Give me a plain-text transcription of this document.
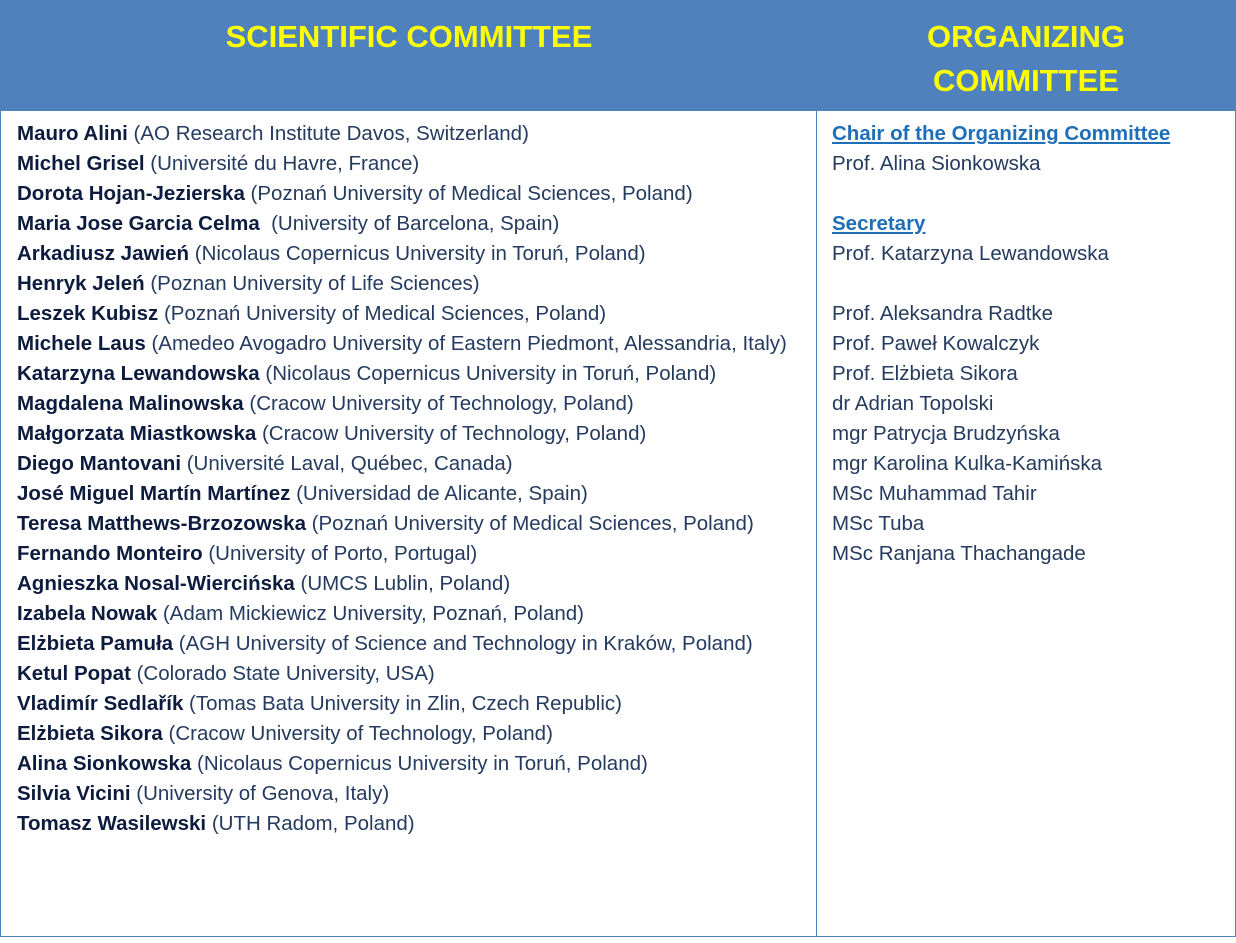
SCIENTIFIC COMMITTEE	ORGANIZING
COMMITTEE
Mauro Alini (AO Research Institute Davos, Switzerland)
Michel Grisel (Université du Havre, France)
Dorota Hojan-Jezierska (Poznań University of Medical Sciences, Poland)
Maria Jose Garcia Celma  (University of Barcelona, Spain)
Arkadiusz Jawień (Nicolaus Copernicus University in Toruń, Poland)
Henryk Jeleń (Poznan University of Life Sciences)
Leszek Kubisz (Poznań University of Medical Sciences, Poland)
Michele Laus (Amedeo Avogadro University of Eastern Piedmont, Alessandria, Italy)
Katarzyna Lewandowska (Nicolaus Copernicus University in Toruń, Poland)
Magdalena Malinowska (Cracow University of Technology, Poland)
Małgorzata Miastkowska (Cracow University of Technology, Poland)
Diego Mantovani (Université Laval, Québec, Canada)
José Miguel Martín Martínez (Universidad de Alicante, Spain)
Teresa Matthews-Brzozowska (Poznań University of Medical Sciences, Poland)
Fernando Monteiro (University of Porto, Portugal)
Agnieszka Nosal-Wiercińska (UMCS Lublin, Poland)
Izabela Nowak (Adam Mickiewicz University, Poznań, Poland)
Elżbieta Pamuła (AGH University of Science and Technology in Kraków, Poland)
Ketul Popat (Colorado State University, USA)
Vladimír Sedlařík (Tomas Bata University in Zlin, Czech Republic)
Elżbieta Sikora (Cracow University of Technology, Poland)
Alina Sionkowska (Nicolaus Copernicus University in Toruń, Poland)
Silvia Vicini (University of Genova, Italy)
Tomasz Wasilewski (UTH Radom, Poland)
Chair of the Organizing Committee
Prof. Alina Sionkowska
Secretary
Prof. Katarzyna Lewandowska
Prof. Aleksandra Radtke
Prof. Paweł Kowalczyk
Prof. Elżbieta Sikora
dr Adrian Topolski
mgr Patrycja Brudzyńska
mgr Karolina Kulka-Kamińska
MSc Muhammad Tahir
MSc Tuba
MSc Ranjana Thachangade
